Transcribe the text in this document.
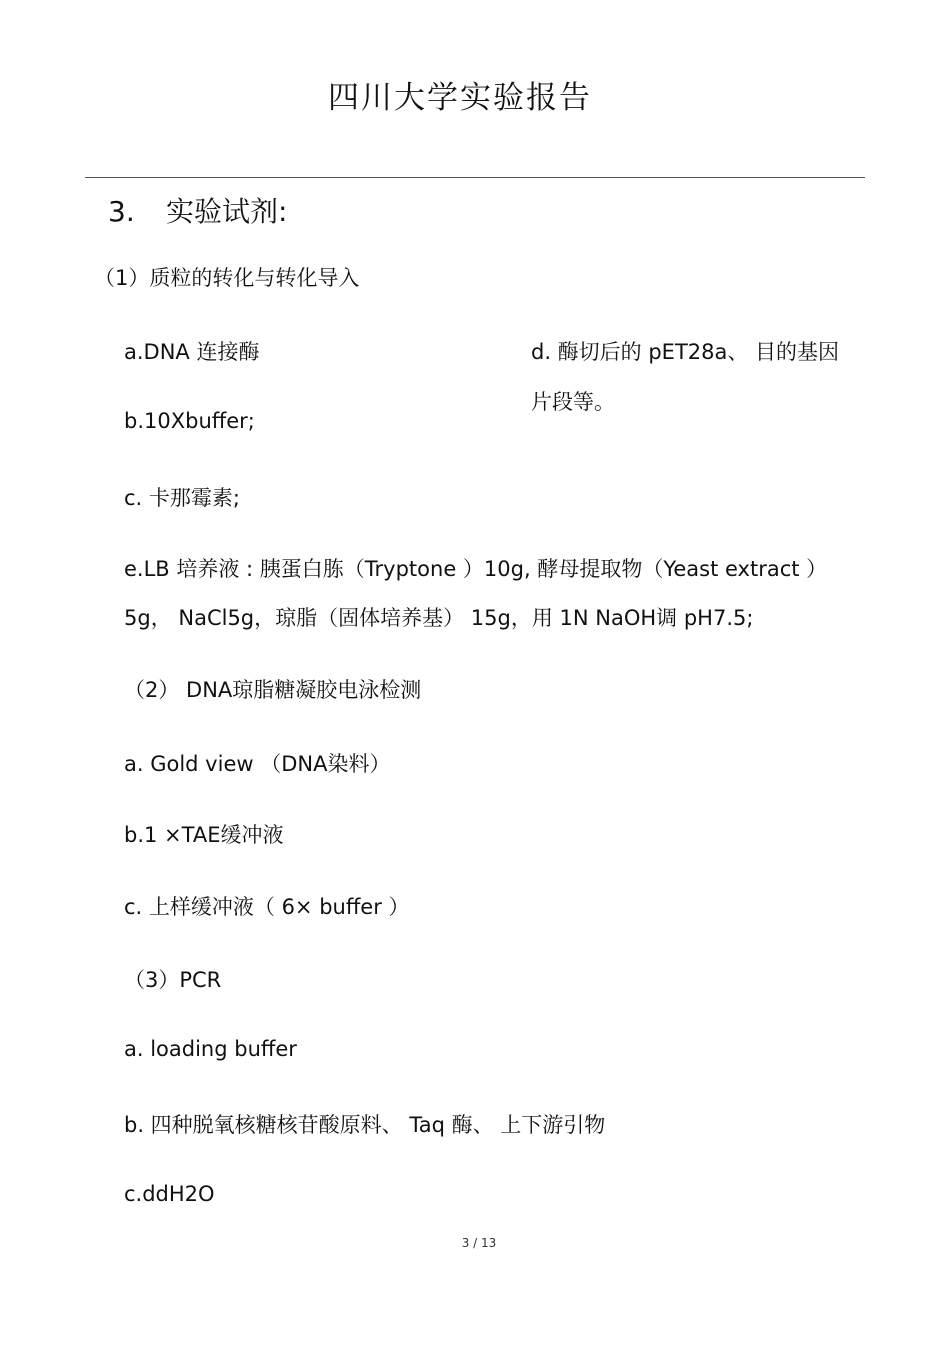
四川大学实验报告
3. 实验试剂:
（1）质粒的转化与转化导入
a.DNA 连接酶	d. 酶切后的 pET28a、 目的基因
片段等。
b.10Xbuffer;
c. 卡那霉素;
e.LB 培养液 : 胰蛋白胨（Tryptone ）10g, 酵母提取物（Yeast extract ）
5g， NaCl5g，琼脂（固体培养基） 15g，用 1N NaOH调 pH7.5;
（2） DNA琼脂糖凝胶电泳检测
a. Gold view （DNA染料）
b.1 ×TAE缓冲液
c. 上样缓冲液（ 6× buffer ）
（3）PCR
a. loading buffer
b. 四种脱氧核糖核苷酸原料、 Taq 酶、 上下游引物
c.ddH2O
3 / 13
